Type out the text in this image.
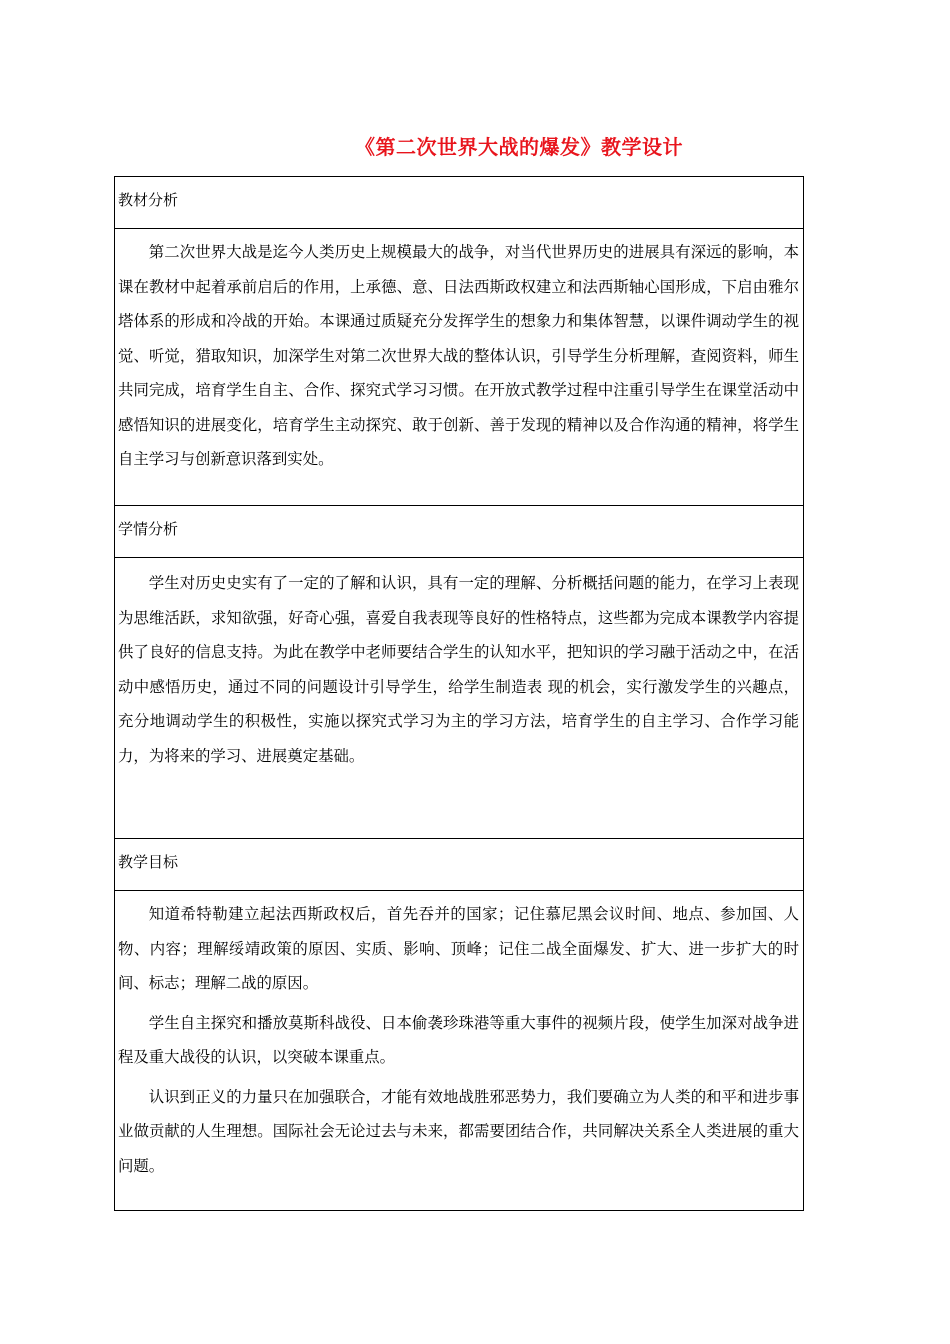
《第二次世界大战的爆发》教学设计
教材分析

第二次世界大战是迄今人类历史上规模最大的战争，对当代世界历史的进展具有深远的影响，本课在教材中起着承前启后的作用，上承德、意、日法西斯政权建立和法西斯轴心国形成，下启由雅尔塔体系的形成和冷战的开始。本课通过质疑充分发挥学生的想象力和集体智慧，以课件调动学生的视觉、听觉，猎取知识，加深学生对第二次世界大战的整体认识，引导学生分析理解，查阅资料，师生共同完成，培育学生自主、合作、探究式学习习惯。在开放式教学过程中注重引导学生在课堂活动中感悟知识的进展变化，培育学生主动探究、敢于创新、善于发现的精神以及合作沟通的精神，将学生自主学习与创新意识落到实处。

学情分析

学生对历史史实有了一定的了解和认识，具有一定的理解、分析概括问题的能力，在学习上表现为思维活跃，求知欲强，好奇心强，喜爱自我表现等良好的性格特点，这些都为完成本课教学内容提供了良好的信息支持。为此在教学中老师要结合学生的认知水平，把知识的学习融于活动之中，在活动中感悟历史，通过不同的问题设计引导学生，给学生制造表 现的机会，实行激发学生的兴趣点，充分地调动学生的积极性，实施以探究式学习为主的学习方法，培育学生的自主学习、合作学习能力，为将来的学习、进展奠定基础。

教学目标

知道希特勒建立起法西斯政权后，首先吞并的国家；记住慕尼黑会议时间、地点、参加国、人物、内容；理解绥靖政策的原因、实质、影响、顶峰；记住二战全面爆发、扩大、进一步扩大的时间、标志；理解二战的原因。

学生自主探究和播放莫斯科战役、日本偷袭珍珠港等重大事件的视频片段，使学生加深对战争进程及重大战役的认识，以突破本课重点。

认识到正义的力量只在加强联合，才能有效地战胜邪恶势力，我们要确立为人类的和平和进步事业做贡献的人生理想。国际社会无论过去与未来，都需要团结合作，共同解决关系全人类进展的重大问题。
